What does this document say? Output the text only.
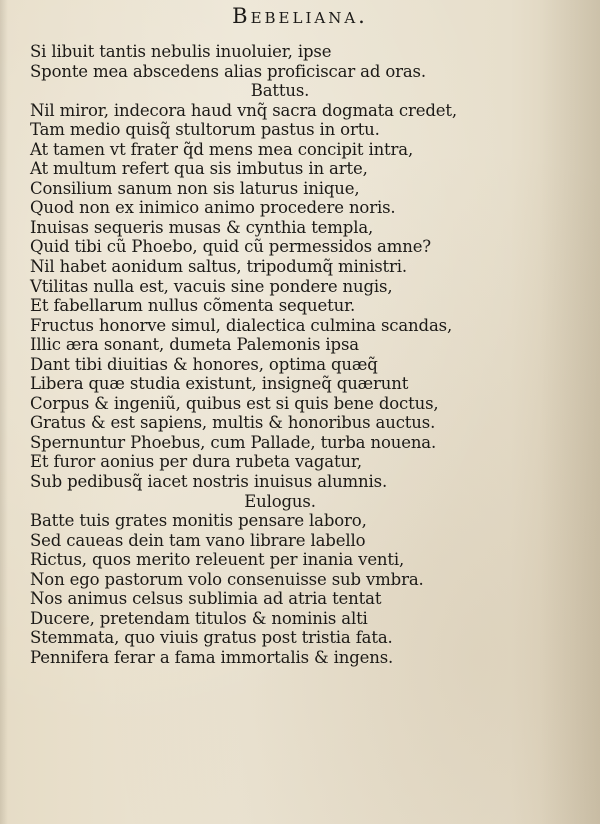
Bebeliana.
Si libuit tantis nebulis inuoluier, ipse
Sponte mea abscedens alias proficiscar ad oras.
Battus.
Nil miror, indecora haud vnq̃ sacra dogmata credet,
Tam medio quisq̃ stultorum pastus in ortu.
At tamen vt frater q̃d mens mea concipit intra,
At multum refert qua sis imbutus in arte,
Consilium sanum non sis laturus inique,
Quod non ex inimico animo procedere noris.
Inuisas sequeris musas & cynthia templa,
Quid tibi cũ Phoebo, quid cũ permessidos amne?
Nil habet aonidum saltus, tripodumq̃ ministri.
Vtilitas nulla est, vacuis sine pondere nugis,
Et fabellarum nullus cõmenta sequetur.
Fructus honorve simul, dialectica culmina scandas,
Illic æra sonant, dumeta Palemonis ipsa
Dant tibi diuitias & honores, optima quæq̃
Libera quæ studia existunt, insigneq̃ quærunt
Corpus & ingeniũ, quibus est si quis bene doctus,
Gratus & est sapiens, multis & honoribus auctus.
Spernuntur Phoebus, cum Pallade, turba nouena.
Et furor aonius per dura rubeta vagatur,
Sub pedibusq̃ iacet nostris inuisus alumnis.
Eulogus.
Batte tuis grates monitis pensare laboro,
Sed caueas dein tam vano librare labello
Rictus, quos merito releuent per inania venti,
Non ego pastorum volo consenuisse sub vmbra.
Nos animus celsus sublimia ad atria tentat
Ducere, pretendam titulos & nominis alti
Stemmata, quo viuis gratus post tristia fata.
Pennifera ferar a fama immortalis & ingens.
